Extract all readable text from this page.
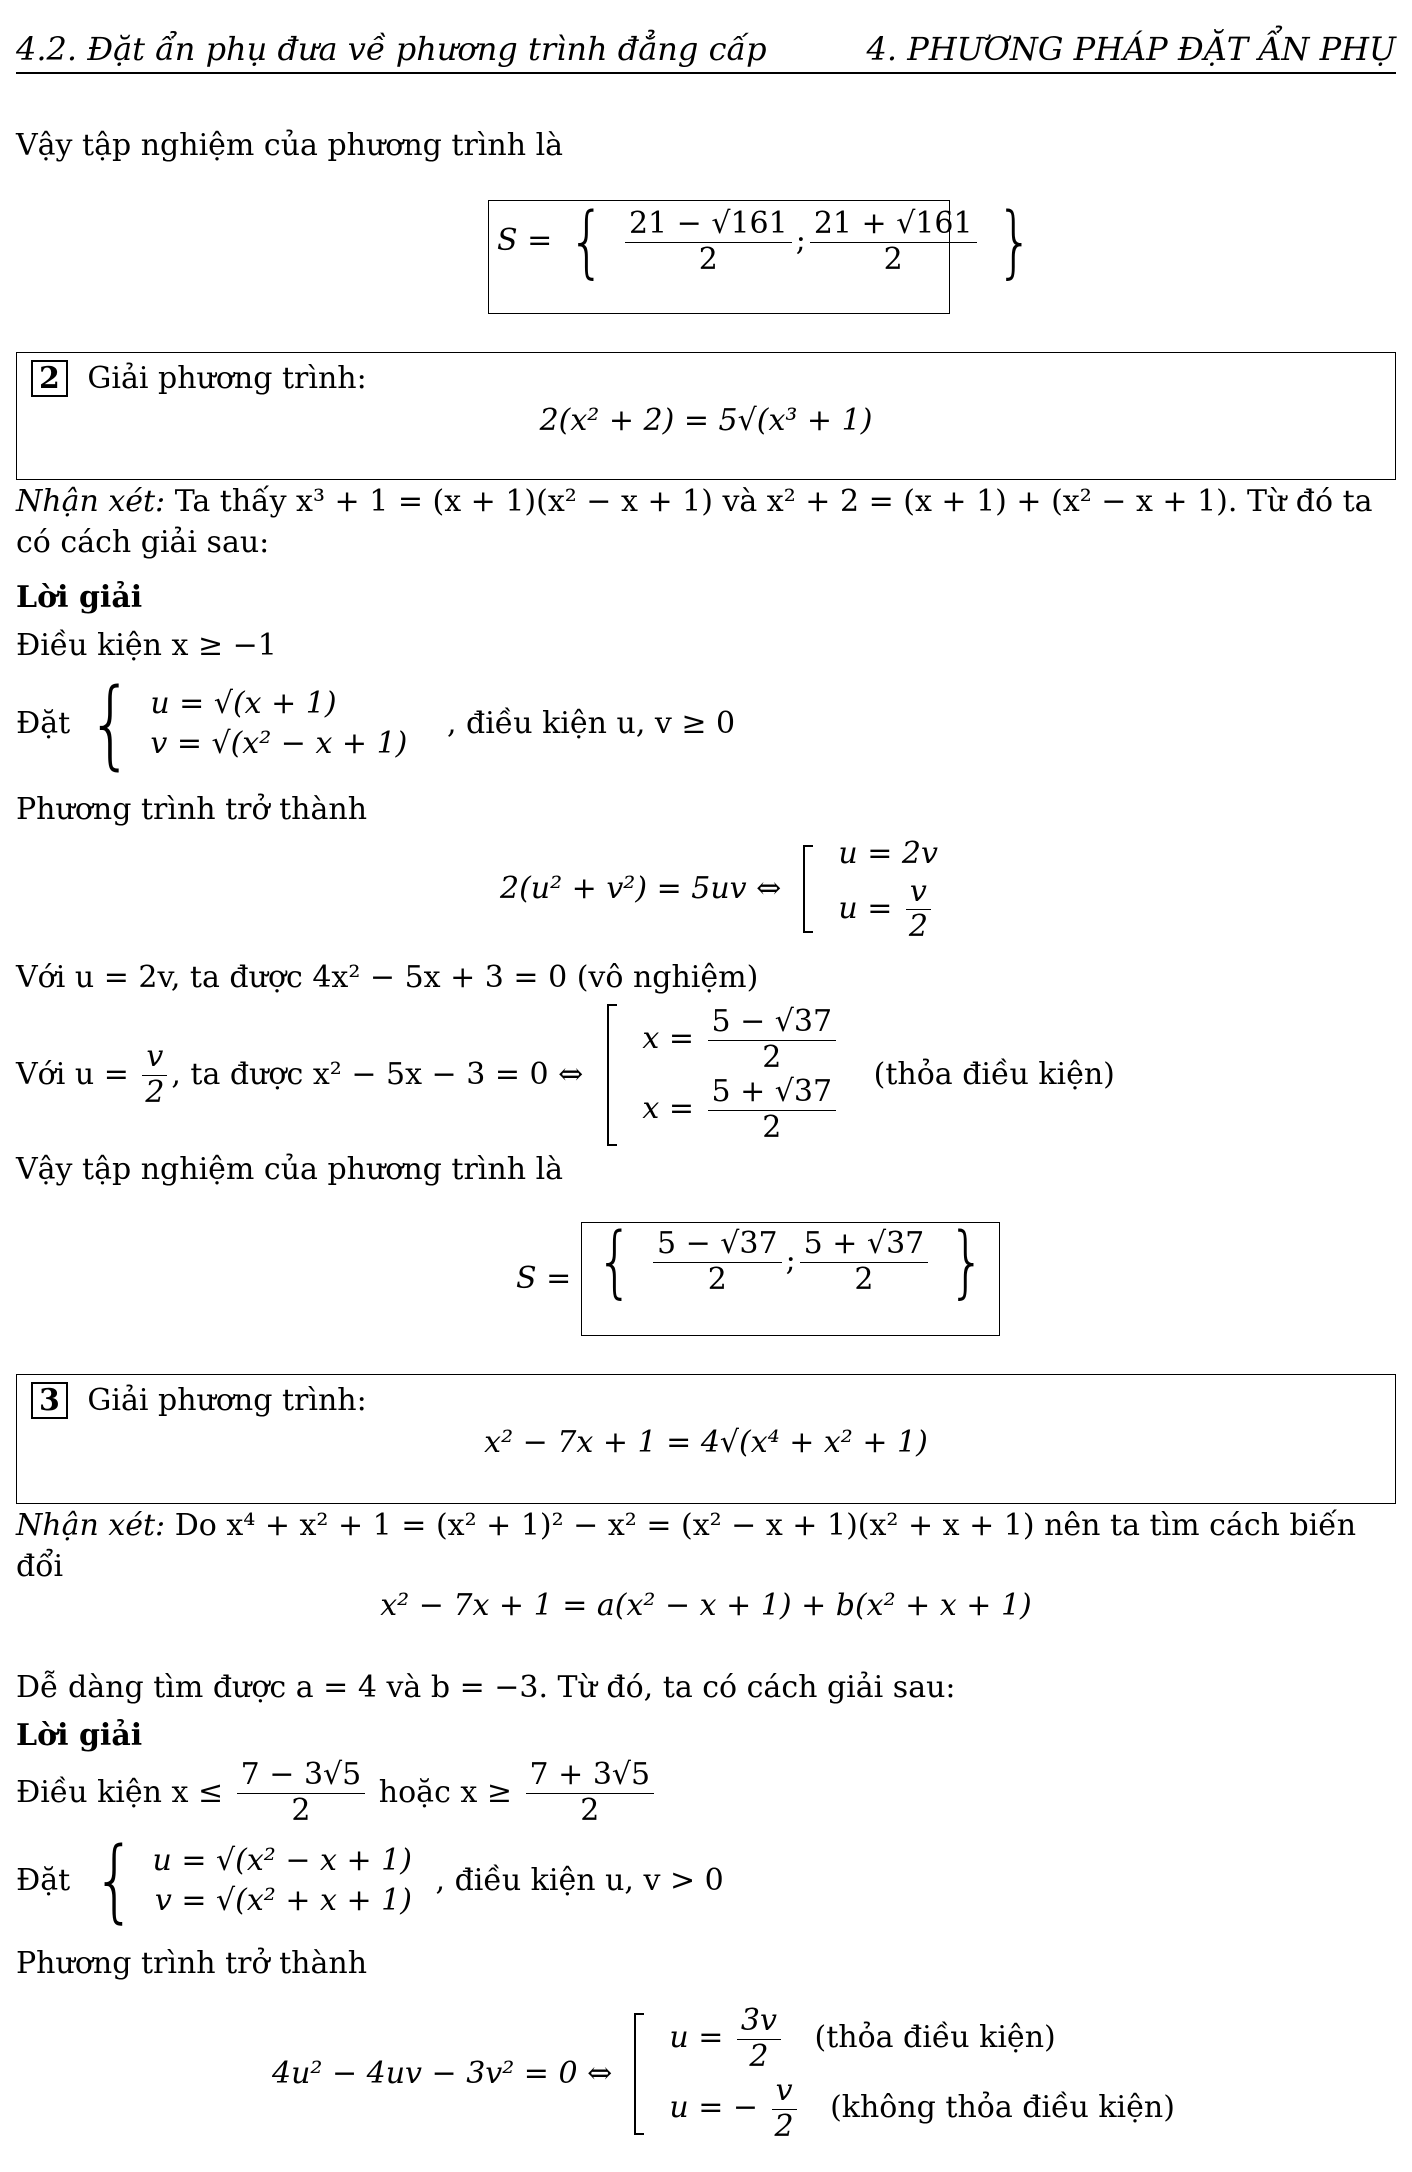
4.2. Đặt ẩn phụ đưa về phương trình đẳng cấp	4. PHƯƠNG PHÁP ĐẶT ẨN PHỤ
Vậy tập nghiệm của phương trình là
S = { $\frac{21 - √161}{2}$ ; $\frac{21 + √161}{2}$ }
2 Giải phương trình:
2(x² + 2) = 5√(x³ + 1)
Nhận xét: Ta thấy x³ + 1 = (x + 1)(x² − x + 1) và x² + 2 = (x + 1) + (x² − x + 1). Từ đó ta có cách giải sau:
Lời giải
Điều kiện x ≥ −1
Đặt { u = √(x + 1)
v = √(x² − x + 1)
, điều kiện u, v ≥ 0
Phương trình trở thành
2(u² + v²) = 5uv ⇔
u = 2v
$u = \frac{v}{2}$
Với u = 2v, ta được 4x² − 5x + 3 = 0 (vô nghiệm)
Với $u = \frac{v}{2}$ , ta được x² − 5x − 3 = 0 ⇔
$x = \frac{5 - √37}{2}$
$x = \frac{5 + √37}{2}$
(thỏa điều kiện)
Vậy tập nghiệm của phương trình là
S = { $\frac{5 - √37}{2}$ ; $\frac{5 + √37}{2}$ }
3 Giải phương trình:
x² − 7x + 1 = 4√(x⁴ + x² + 1)
Nhận xét: Do x⁴ + x² + 1 = (x² + 1)² − x² = (x² − x + 1)(x² + x + 1) nên ta tìm cách biến đổi
x² − 7x + 1 = a(x² − x + 1) + b(x² + x + 1)
Dễ dàng tìm được a = 4 và b = −3. Từ đó, ta có cách giải sau:
Lời giải
Điều kiện $x \le \frac{7 - 3√5}{2}$ hoặc $x \ge \frac{7 + 3√5}{2}$
Đặt { u = √(x² − x + 1)
v = √(x² + x + 1)
, điều kiện u, v > 0
Phương trình trở thành
4u² − 4uv − 3v² = 0 ⇔
$u = \frac{3v}{2}$ (thỏa điều kiện)
u = − $\frac{v}{2}$ (không thỏa điều kiện)
